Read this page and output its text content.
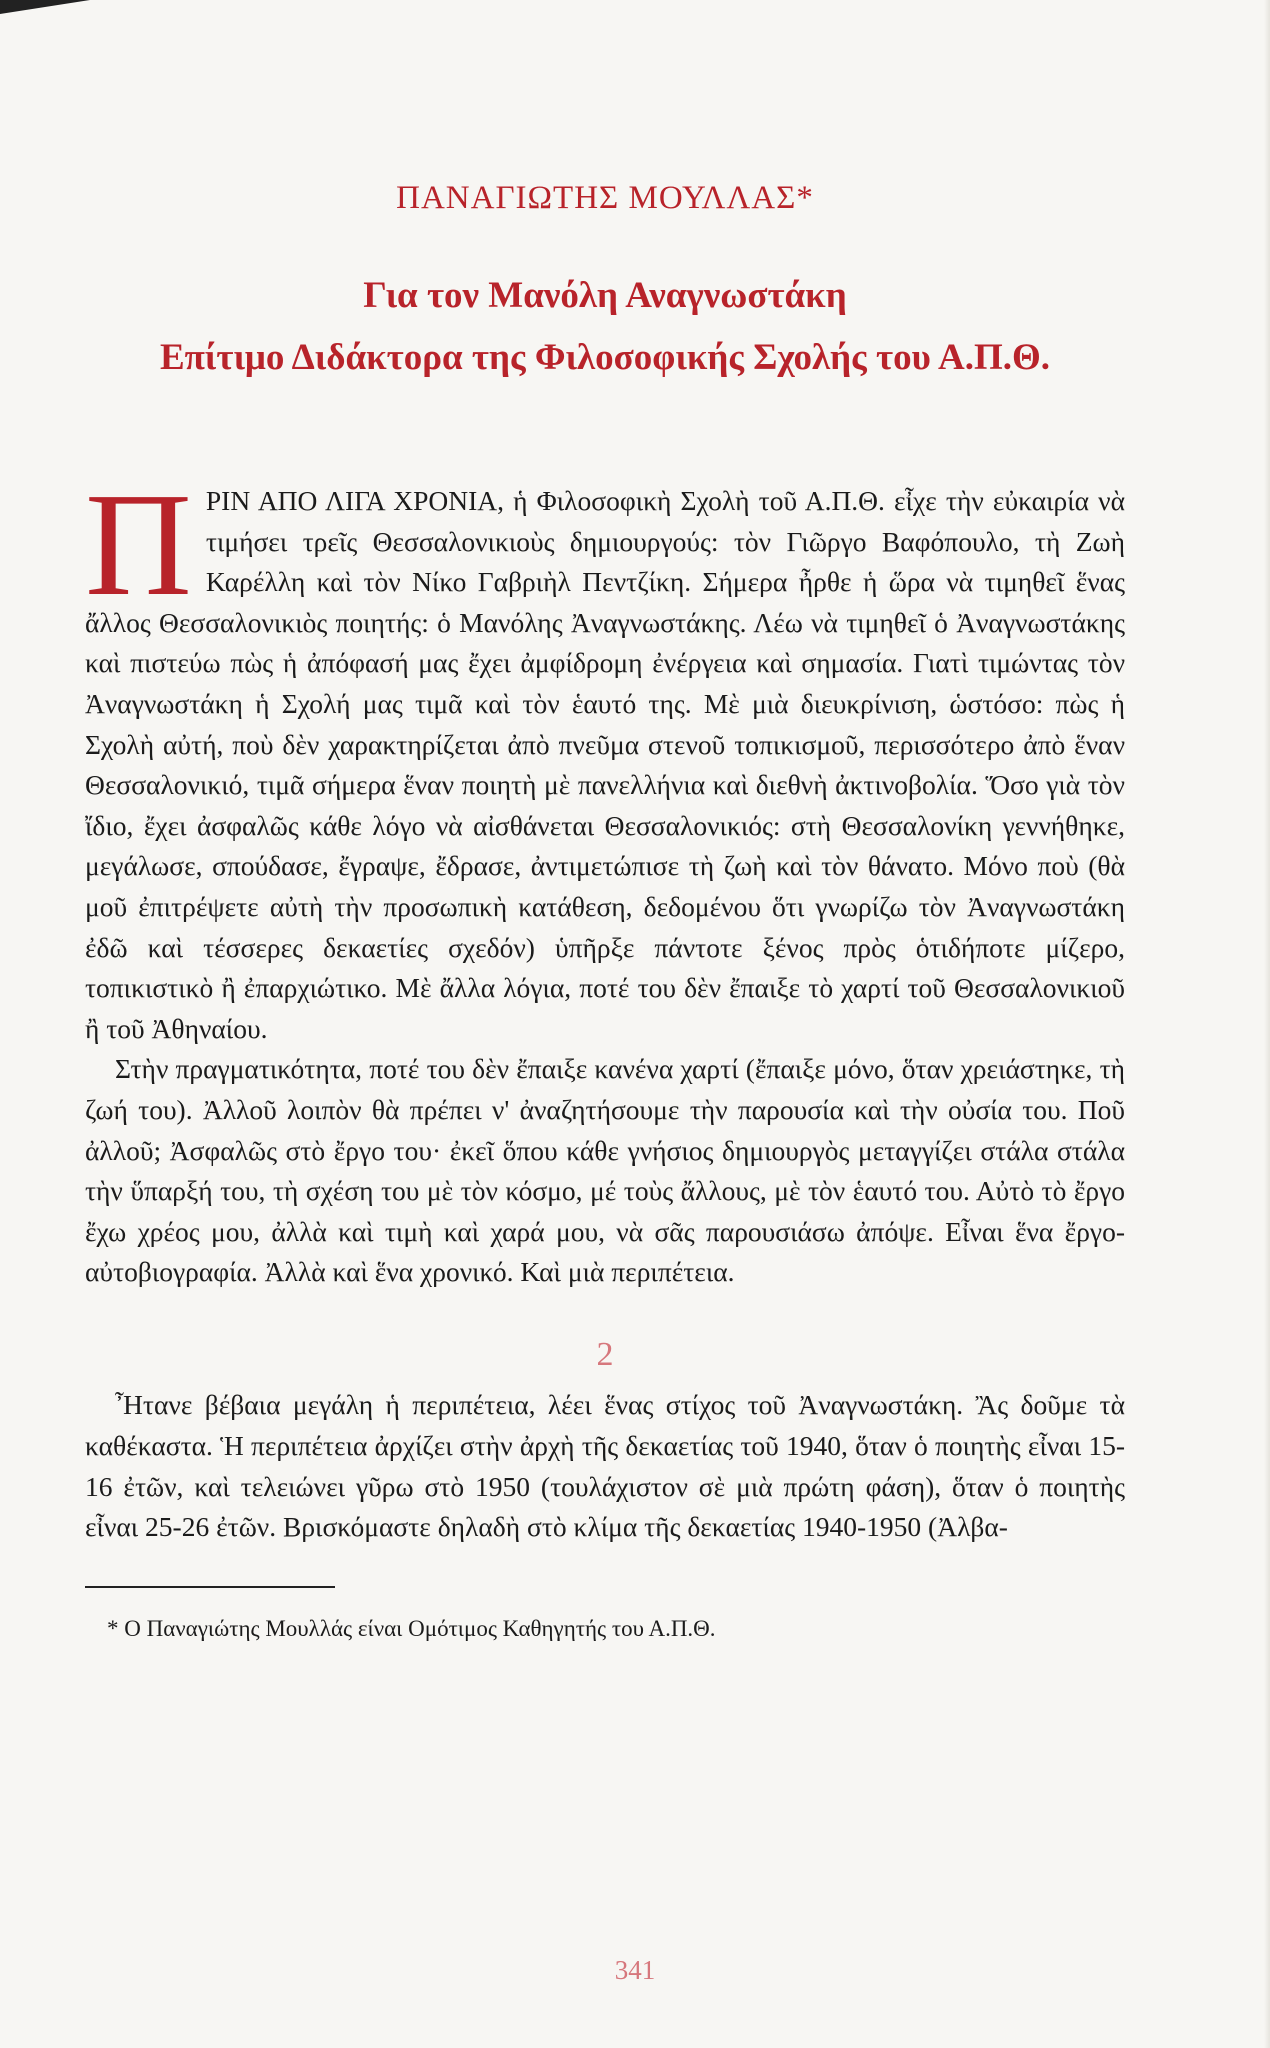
ΠΑΝΑΓΙΩΤΗΣ ΜΟΥΛΛΑΣ*
Για τον Μανόλη Αναγνωστάκη
Επίτιμο Διδάκτορα της Φιλοσοφικής Σχολής του Α.Π.Θ.

Π ΡΙΝ ΑΠΟ ΛΙΓΑ ΧΡΟΝΙΑ, ἡ Φιλοσοφικὴ Σχολὴ τοῦ Α.Π.Θ. εἶχε τὴν εὐκαιρία νὰ τιμήσει τρεῖς Θεσσαλονικιοὺς δημιουργούς: τὸν Γιῶργο Βαφόπουλο, τὴ Ζωὴ Καρέλλη καὶ τὸν Νίκο Γαβριὴλ Πεντζίκη. Σήμερα ἦρθε ἡ ὥρα νὰ τιμηθεῖ ἕνας ἄλλος Θεσσαλονικιὸς ποιητής: ὁ Μανόλης Ἀναγνωστάκης. Λέω νὰ τιμηθεῖ ὁ Ἀναγνωστάκης καὶ πιστεύω πὼς ἡ ἀπόφασή μας ἔχει ἀμφίδρομη ἐνέργεια καὶ σημασία. Γιατὶ τιμώντας τὸν Ἀναγνωστάκη ἡ Σχολή μας τιμᾶ καὶ τὸν ἑαυτό της. Μὲ μιὰ διευκρίνιση, ὡστόσο: πὼς ἡ Σχολὴ αὐτή, ποὺ δὲν χαρακτηρίζεται ἀπὸ πνεῦμα στενοῦ τοπικισμοῦ, περισσότερο ἀπὸ ἕναν Θεσσαλονικιό, τιμᾶ σήμερα ἕναν ποιητὴ μὲ πανελλήνια καὶ διεθνὴ ἀκτινοβολία. Ὅσο γιὰ τὸν ἴδιο, ἔχει ἀσφαλῶς κάθε λόγο νὰ αἰσθάνεται Θεσσαλονικιός: στὴ Θεσσαλονίκη γεννήθηκε, μεγάλωσε, σπούδασε, ἔγραψε, ἔδρασε, ἀντιμετώπισε τὴ ζωὴ καὶ τὸν θάνατο. Μόνο ποὺ (θὰ μοῦ ἐπιτρέψετε αὐτὴ τὴν προσωπικὴ κατάθεση, δεδομένου ὅτι γνωρίζω τὸν Ἀναγνωστάκη ἐδῶ καὶ τέσσερες δεκαετίες σχεδόν) ὑπῆρξε πάντοτε ξένος πρὸς ὁτιδήποτε μίζερο, τοπικιστικὸ ἢ ἐπαρχιώτικο. Μὲ ἄλλα λόγια, ποτέ του δὲν ἔπαιξε τὸ χαρτί τοῦ Θεσσαλονικιοῦ ἢ τοῦ Ἀθηναίου.

Στὴν πραγματικότητα, ποτέ του δὲν ἔπαιξε κανένα χαρτί (ἔπαιξε μόνο, ὅταν χρειάστηκε, τὴ ζωή του). Ἀλλοῦ λοιπὸν θὰ πρέπει ν' ἀναζητήσουμε τὴν παρουσία καὶ τὴν οὐσία του. Ποῦ ἀλλοῦ; Ἀσφαλῶς στὸ ἔργο του· ἐκεῖ ὅπου κάθε γνήσιος δημιουργὸς μεταγγίζει στάλα στάλα τὴν ὕπαρξή του, τὴ σχέση του μὲ τὸν κόσμο, μέ τοὺς ἄλλους, μὲ τὸν ἑαυτό του. Αὐτὸ τὸ ἔργο ἔχω χρέος μου, ἀλλὰ καὶ τιμὴ καὶ χαρά μου, νὰ σᾶς παρουσιάσω ἀπόψε. Εἶναι ἕνα ἔργο-αὐτοβιογραφία. Ἀλλὰ καὶ ἕνα χρονικό. Καὶ μιὰ περιπέτεια.

2

Ἦτανε βέβαια μεγάλη ἡ περιπέτεια, λέει ἕνας στίχος τοῦ Ἀναγνωστάκη. Ἂς δοῦμε τὰ καθέκαστα. Ἡ περιπέτεια ἀρχίζει στὴν ἀρχὴ τῆς δεκαετίας τοῦ 1940, ὅταν ὁ ποιητὴς εἶναι 15-16 ἐτῶν, καὶ τελειώνει γῦρω στὸ 1950 (τουλάχιστον σὲ μιὰ πρώτη φάση), ὅταν ὁ ποιητὴς εἶναι 25-26 ἐτῶν. Βρισκόμαστε δηλαδὴ στὸ κλίμα τῆς δεκαετίας 1940-1950 (Ἀλβα-

* Ο Παναγιώτης Μουλλάς είναι Ομότιμος Καθηγητής του Α.Π.Θ.
341
